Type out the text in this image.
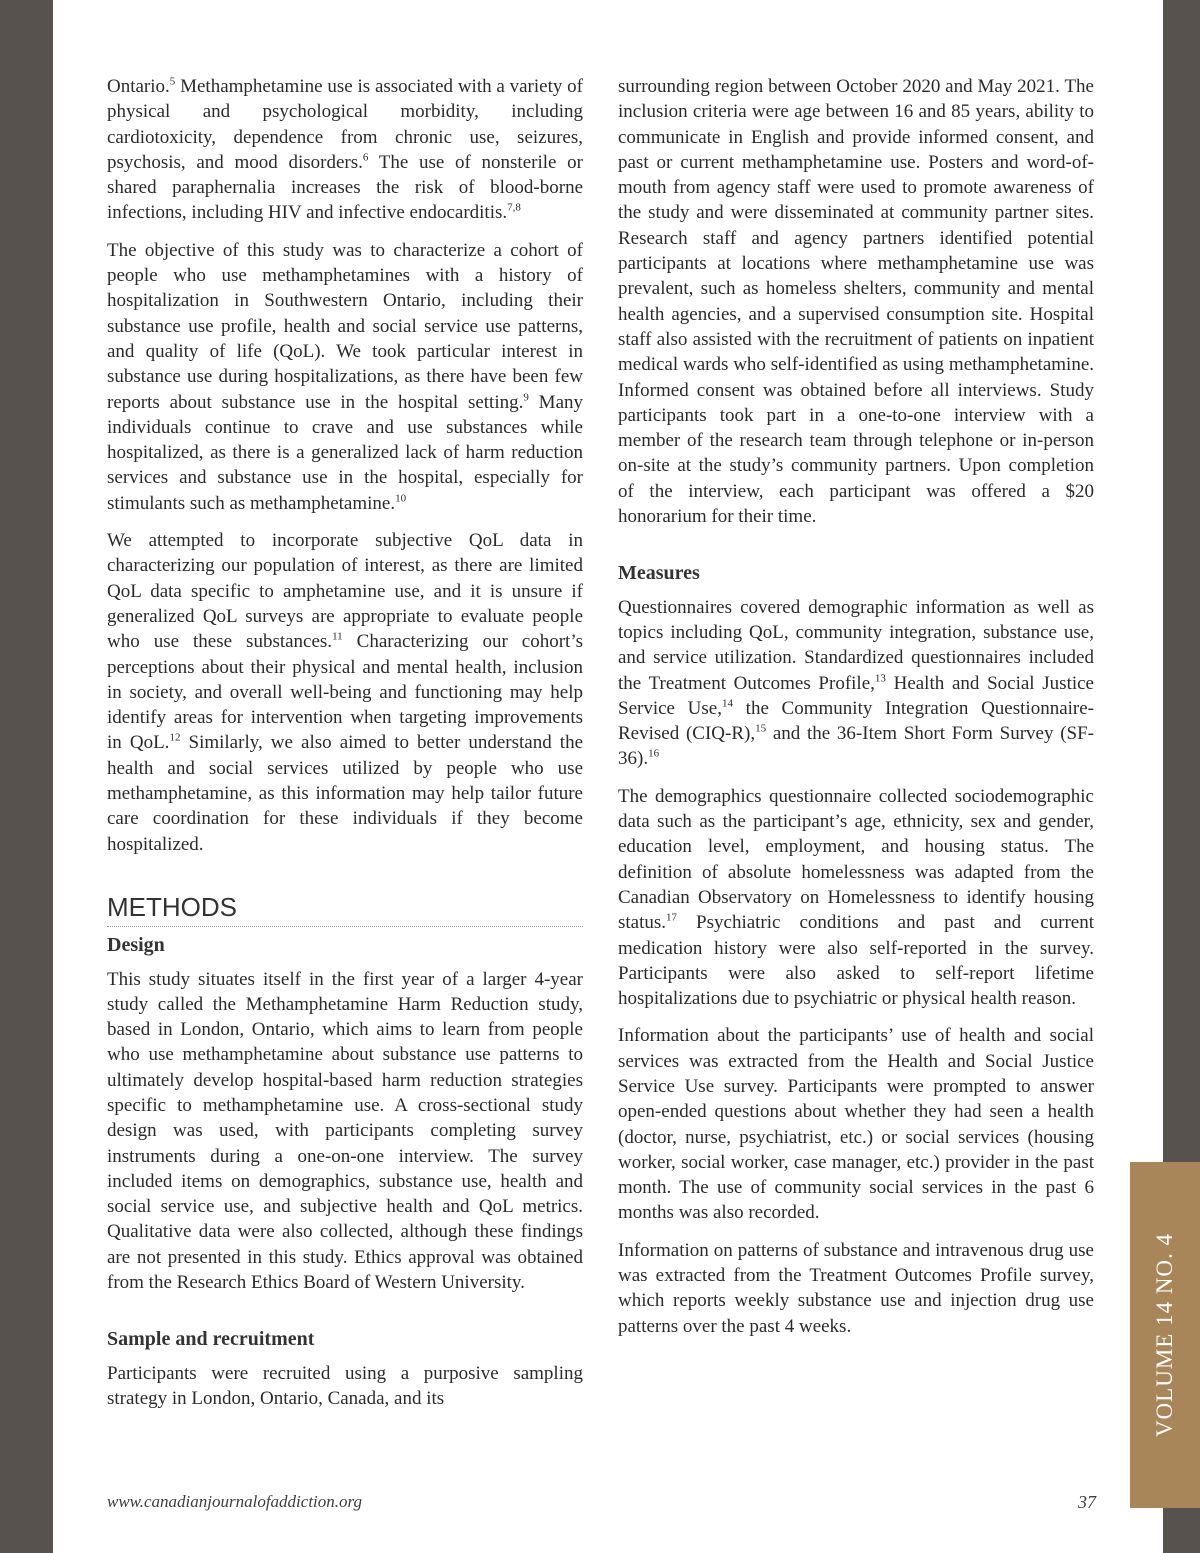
Ontario.$^5$ Methamphetamine use is associated with a variety of physical and psychological morbidity, including cardiotoxicity, dependence from chronic use, seizures, psychosis, and mood disorders.$^6$ The use of nonsterile or shared paraphernalia increases the risk of blood-borne infections, including HIV and infective endocarditis.$^{7,8}$

The objective of this study was to characterize a cohort of people who use methamphetamines with a history of hospitalization in Southwestern Ontario, including their substance use profile, health and social service use patterns, and quality of life (QoL). We took particular interest in substance use during hospitalizations, as there have been few reports about substance use in the hospital setting.$^9$ Many individuals continue to crave and use substances while hospitalized, as there is a generalized lack of harm reduction services and substance use in the hospital, especially for stimulants such as methamphetamine.$^{10}$

We attempted to incorporate subjective QoL data in characterizing our population of interest, as there are limited QoL data specific to amphetamine use, and it is unsure if generalized QoL surveys are appropriate to evaluate people who use these substances.$^{11}$ Characterizing our cohort’s perceptions about their physical and mental health, inclusion in society, and overall well-being and functioning may help identify areas for intervention when targeting improvements in QoL.$^{12}$ Similarly, we also aimed to better understand the health and social services utilized by people who use methamphetamine, as this information may help tailor future care coordination for these individuals if they become hospitalized.

METHODS
Design

This study situates itself in the first year of a larger 4-year study called the Methamphetamine Harm Reduction study, based in London, Ontario, which aims to learn from people who use methamphetamine about substance use patterns to ultimately develop hospital-based harm reduction strategies specific to methamphetamine use. A cross-sectional study design was used, with participants completing survey instruments during a one-on-one interview. The survey included items on demographics, substance use, health and social service use, and subjective health and QoL metrics. Qualitative data were also collected, although these findings are not presented in this study. Ethics approval was obtained from the Research Ethics Board of Western University.

Sample and recruitment

Participants were recruited using a purposive sampling strategy in London, Ontario, Canada, and its

surrounding region between October 2020 and May 2021. The inclusion criteria were age between 16 and 85 years, ability to communicate in English and provide informed consent, and past or current methamphetamine use. Posters and word-of-mouth from agency staff were used to promote awareness of the study and were disseminated at community partner sites. Research staff and agency partners identified potential participants at locations where methamphetamine use was prevalent, such as homeless shelters, community and mental health agencies, and a supervised consumption site. Hospital staff also assisted with the recruitment of patients on inpatient medical wards who self-identified as using methamphetamine. Informed consent was obtained before all interviews. Study participants took part in a one-to-one interview with a member of the research team through telephone or in-person on-site at the study’s community partners. Upon completion of the interview, each participant was offered a $20 honorarium for their time.

Measures

Questionnaires covered demographic information as well as topics including QoL, community integration, substance use, and service utilization. Standardized questionnaires included the Treatment Outcomes Profile,$^{13}$ Health and Social Justice Service Use,$^{14}$ the Community Integration Questionnaire-Revised (CIQ-R),$^{15}$ and the 36-Item Short Form Survey (SF-36).$^{16}$

The demographics questionnaire collected sociodemographic data such as the participant’s age, ethnicity, sex and gender, education level, employment, and housing status. The definition of absolute homelessness was adapted from the Canadian Observatory on Homelessness to identify housing status.$^{17}$ Psychiatric conditions and past and current medication history were also self-reported in the survey. Participants were also asked to self-report lifetime hospitalizations due to psychiatric or physical health reason.

Information about the participants’ use of health and social services was extracted from the Health and Social Justice Service Use survey. Participants were prompted to answer open-ended questions about whether they had seen a health (doctor, nurse, psychiatrist, etc.) or social services (housing worker, social worker, case manager, etc.) provider in the past month. The use of community social services in the past 6 months was also recorded.

Information on patterns of substance and intravenous drug use was extracted from the Treatment Outcomes Profile survey, which reports weekly substance use and injection drug use patterns over the past 4 weeks.

www.canadianjournalofaddiction.org	37
VOLUME 14 NO. 4
